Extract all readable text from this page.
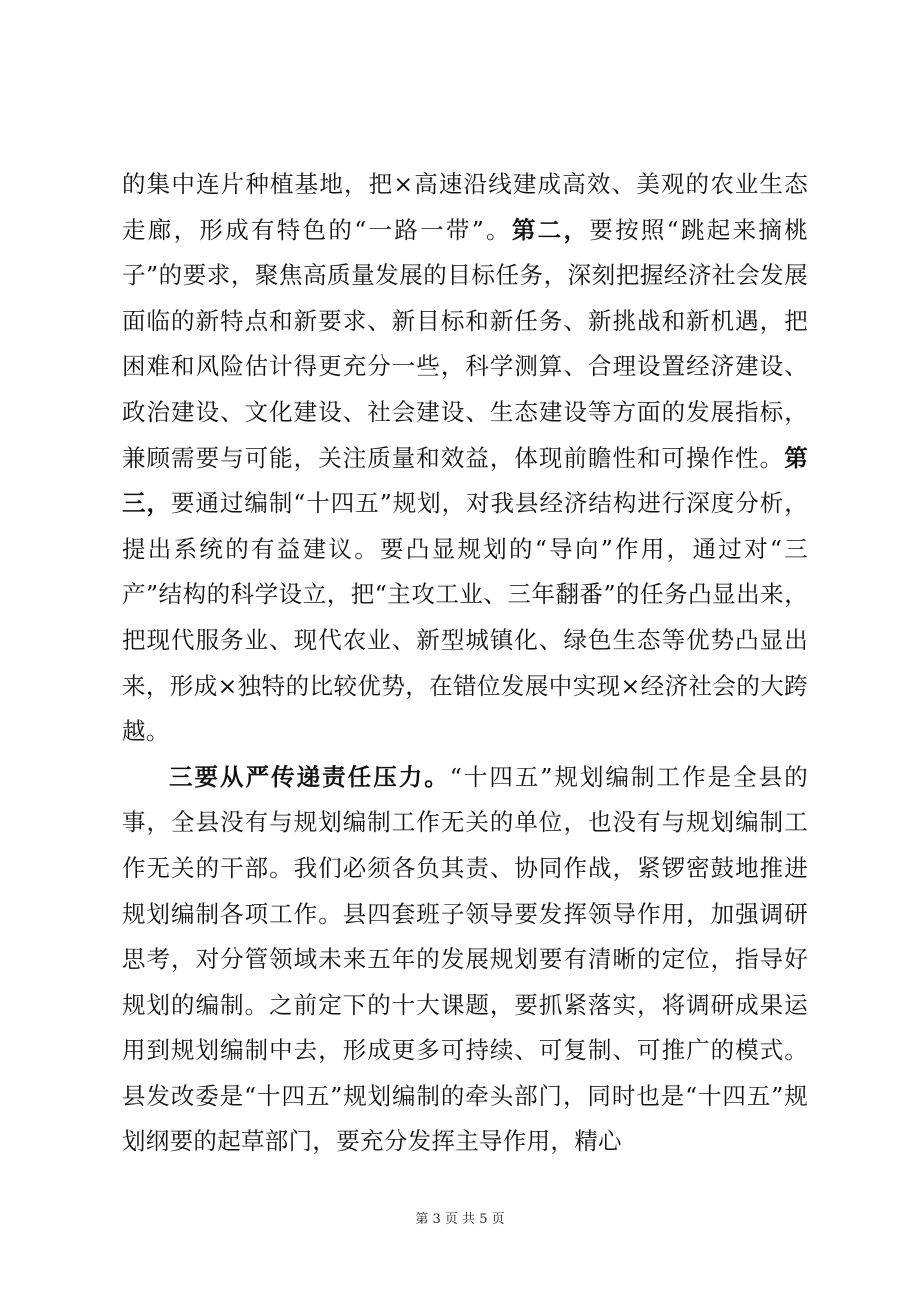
的集中连片种植基地，把×高速沿线建成高效、美观的农业生态走廊，形成有特色的“一路一带”。第二，要按照“跳起来摘桃子”的要求，聚焦高质量发展的目标任务，深刻把握经济社会发展面临的新特点和新要求、新目标和新任务、新挑战和新机遇，把困难和风险估计得更充分一些，科学测算、合理设置经济建设、政治建设、文化建设、社会建设、生态建设等方面的发展指标，兼顾需要与可能，关注质量和效益，体现前瞻性和可操作性。第三，要通过编制“十四五”规划，对我县经济结构进行深度分析，提出系统的有益建议。要凸显规划的“导向”作用，通过对“三产”结构的科学设立，把“主攻工业、三年翻番”的任务凸显出来，把现代服务业、现代农业、新型城镇化、绿色生态等优势凸显出来，形成×独特的比较优势，在错位发展中实现×经济社会的大跨越。

三要从严传递责任压力。“十四五”规划编制工作是全县的事，全县没有与规划编制工作无关的单位，也没有与规划编制工作无关的干部。我们必须各负其责、协同作战，紧锣密鼓地推进规划编制各项工作。县四套班子领导要发挥领导作用，加强调研思考，对分管领域未来五年的发展规划要有清晰的定位，指导好规划的编制。之前定下的十大课题，要抓紧落实，将调研成果运用到规划编制中去，形成更多可持续、可复制、可推广的模式。县发改委是“十四五”规划编制的牵头部门，同时也是“十四五”规划纲要的起草部门，要充分发挥主导作用，精心

第 3 页 共 5 页
